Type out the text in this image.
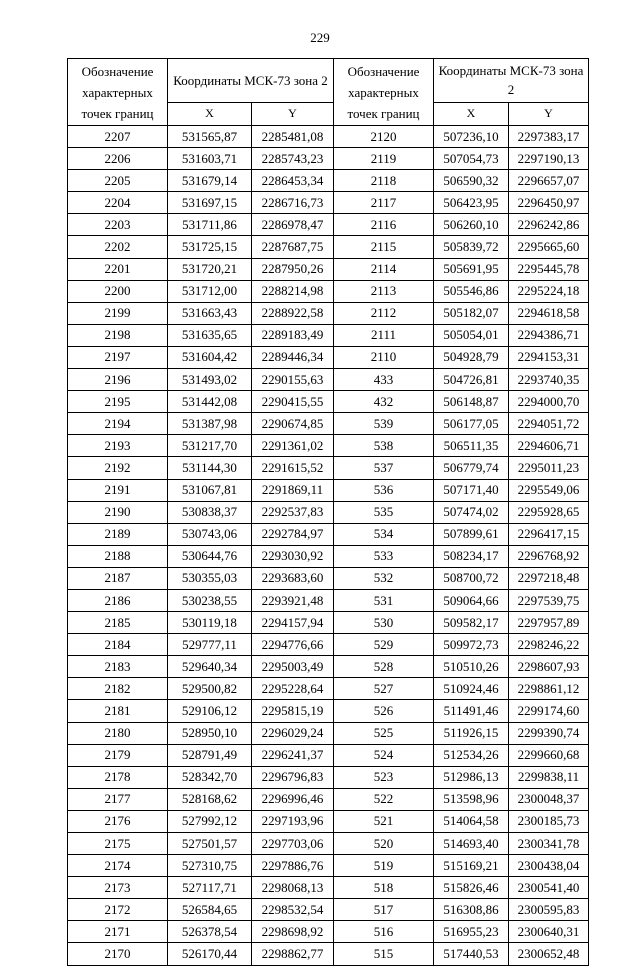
229
Обозначение характерных точек границ	Координаты МСК-73 зона 2		Обозначение характерных точек границ	Координаты МСК-73 зона 2	
	X	Y		X	Y
2207	531565,87	2285481,08	2120	507236,10	2297383,17
2206	531603,71	2285743,23	2119	507054,73	2297190,13
2205	531679,14	2286453,34	2118	506590,32	2296657,07
2204	531697,15	2286716,73	2117	506423,95	2296450,97
2203	531711,86	2286978,47	2116	506260,10	2296242,86
2202	531725,15	2287687,75	2115	505839,72	2295665,60
2201	531720,21	2287950,26	2114	505691,95	2295445,78
2200	531712,00	2288214,98	2113	505546,86	2295224,18
2199	531663,43	2288922,58	2112	505182,07	2294618,58
2198	531635,65	2289183,49	2111	505054,01	2294386,71
2197	531604,42	2289446,34	2110	504928,79	2294153,31
2196	531493,02	2290155,63	433	504726,81	2293740,35
2195	531442,08	2290415,55	432	506148,87	2294000,70
2194	531387,98	2290674,85	539	506177,05	2294051,72
2193	531217,70	2291361,02	538	506511,35	2294606,71
2192	531144,30	2291615,52	537	506779,74	2295011,23
2191	531067,81	2291869,11	536	507171,40	2295549,06
2190	530838,37	2292537,83	535	507474,02	2295928,65
2189	530743,06	2292784,97	534	507899,61	2296417,15
2188	530644,76	2293030,92	533	508234,17	2296768,92
2187	530355,03	2293683,60	532	508700,72	2297218,48
2186	530238,55	2293921,48	531	509064,66	2297539,75
2185	530119,18	2294157,94	530	509582,17	2297957,89
2184	529777,11	2294776,66	529	509972,73	2298246,22
2183	529640,34	2295003,49	528	510510,26	2298607,93
2182	529500,82	2295228,64	527	510924,46	2298861,12
2181	529106,12	2295815,19	526	511491,46	2299174,60
2180	528950,10	2296029,24	525	511926,15	2299390,74
2179	528791,49	2296241,37	524	512534,26	2299660,68
2178	528342,70	2296796,83	523	512986,13	2299838,11
2177	528168,62	2296996,46	522	513598,96	2300048,37
2176	527992,12	2297193,96	521	514064,58	2300185,73
2175	527501,57	2297703,06	520	514693,40	2300341,78
2174	527310,75	2297886,76	519	515169,21	2300438,04
2173	527117,71	2298068,13	518	515826,46	2300541,40
2172	526584,65	2298532,54	517	516308,86	2300595,83
2171	526378,54	2298698,92	516	516955,23	2300640,31
2170	526170,44	2298862,77	515	517440,53	2300652,48
